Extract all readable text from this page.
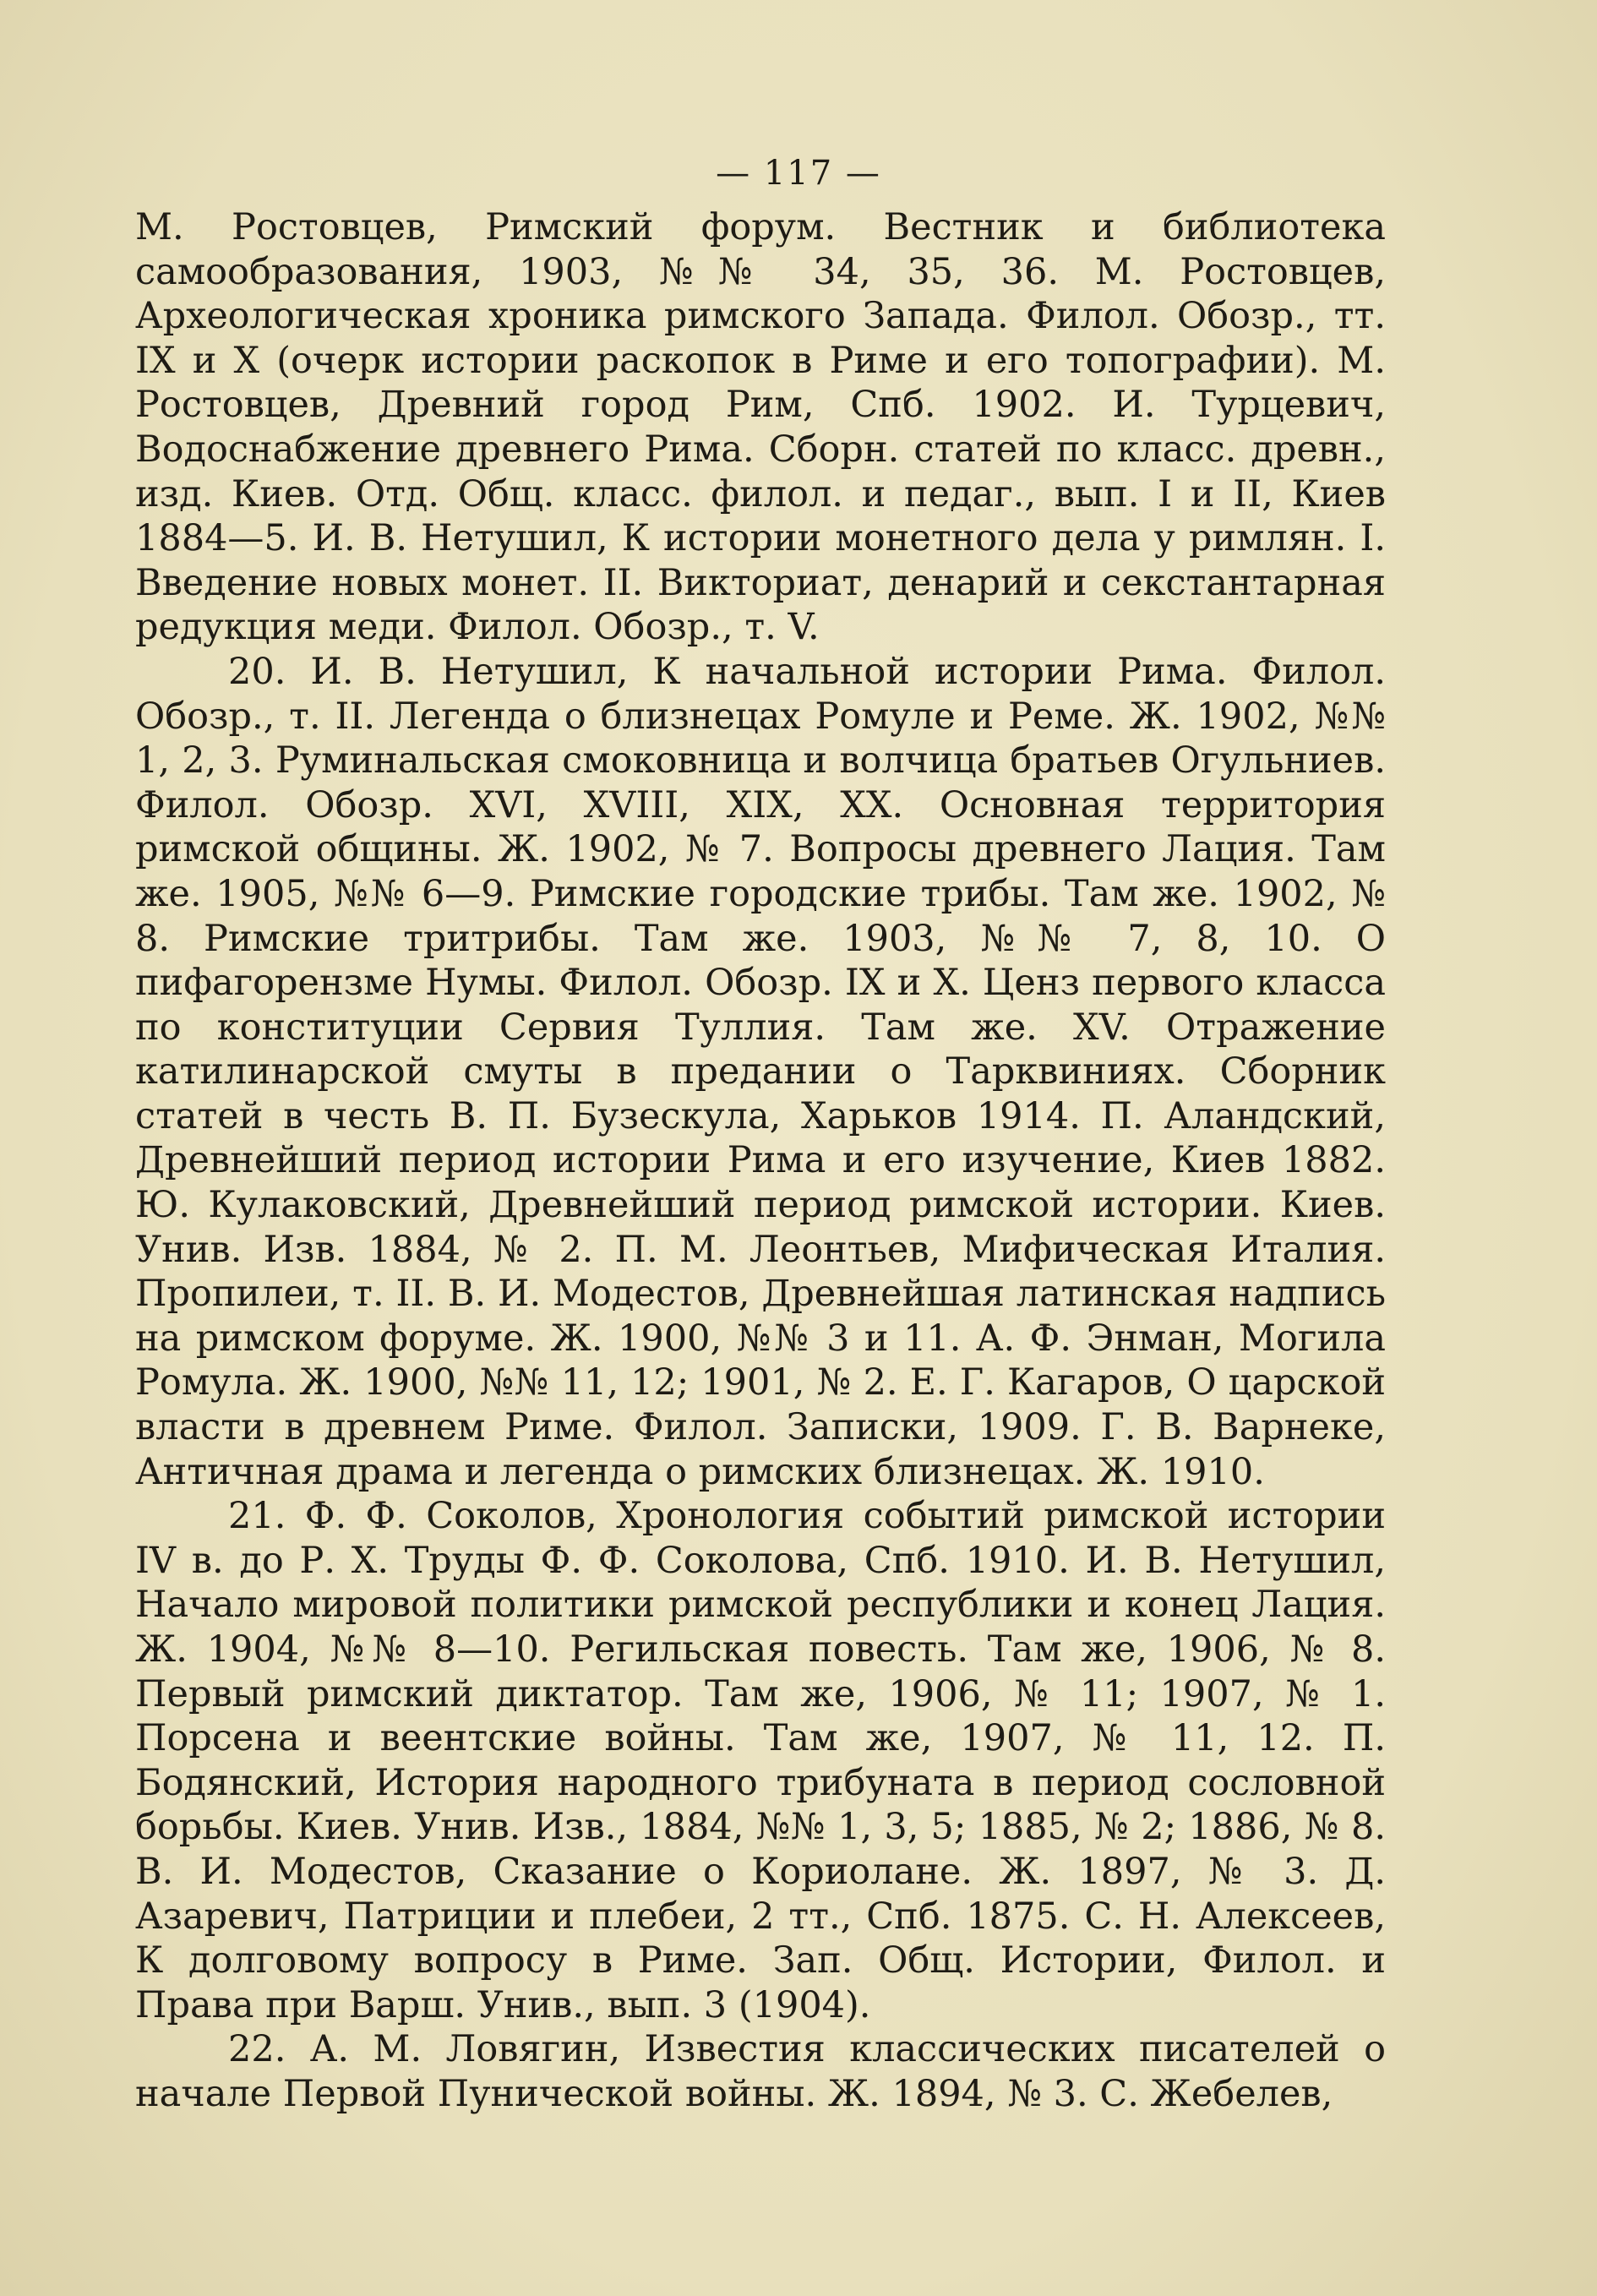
— 117 —

М. Ростовцев, Римский форум. Вестник и библиотека самообразования, 1903, №№ 34, 35, 36. М. Ростовцев, Археологическая хроника римского Запада. Филол. Обозр., тт. IX и X (очерк истории раскопок в Риме и его топографии). М. Ростовцев, Древний город Рим, Спб. 1902. И. Турцевич, Водоснабжение древнего Рима. Сборн. статей по класс. древн., изд. Киев. Отд. Общ. класс. филол. и педаг., вып. I и II, Киев 1884—5. И. В. Нетушил, К истории монетного дела у римлян. I. Введение новых монет. II. Викториат, денарий и секстантарная редукция меди. Филол. Обозр., т. V.

20. И. В. Нетушил, К начальной истории Рима. Филол. Обозр., т. II. Легенда о близнецах Ромуле и Реме. Ж. 1902, №№ 1, 2, 3. Руминальская смоковница и волчица братьев Огульниев. Филол. Обозр. XVI, XVIII, XIX, XX. Основная территория римской общины. Ж. 1902, № 7. Вопросы древнего Лация. Там же. 1905, №№ 6—9. Римские городские трибы. Там же. 1902, № 8. Римские тритрибы. Там же. 1903, №№ 7, 8, 10. О пифагорензме Нумы. Филол. Обозр. IX и X. Ценз первого класса по конституции Сервия Туллия. Там же. XV. Отражение катилинарской смуты в предании о Тарквиниях. Сборник статей в честь В. П. Бузескула, Харьков 1914. П. Аландский, Древнейший период истории Рима и его изучение, Киев 1882. Ю. Кулаковский, Древнейший период римской истории. Киев. Унив. Изв. 1884, № 2. П. М. Леонтьев, Мифическая Италия. Пропилеи, т. II. В. И. Модестов, Древнейшая латинская надпись на римском форуме. Ж. 1900, №№ 3 и 11. А. Ф. Энман, Могила Ромула. Ж. 1900, №№ 11, 12; 1901, № 2. Е. Г. Кагаров, О царской власти в древнем Риме. Филол. Записки, 1909. Г. В. Варнеке, Античная драма и легенда о римских близнецах. Ж. 1910.

21. Ф. Ф. Соколов, Хронология событий римской истории IV в. до Р. Х. Труды Ф. Ф. Соколова, Спб. 1910. И. В. Нетушил, Начало мировой политики римской республики и конец Лация. Ж. 1904, №№ 8—10. Регильская повесть. Там же, 1906, № 8. Первый римский диктатор. Там же, 1906, № 11; 1907, № 1. Порсена и веентские войны. Там же, 1907, № 11, 12. П. Бодянский, История народного трибуната в период сословной борьбы. Киев. Унив. Изв., 1884, №№ 1, 3, 5; 1885, № 2; 1886, № 8. В. И. Модестов, Сказание о Кориолане. Ж. 1897, № 3. Д. Азаревич, Патриции и плебеи, 2 тт., Спб. 1875. С. Н. Алексеев, К долговому вопросу в Риме. Зап. Общ. Истории, Филол. и Права при Варш. Унив., вып. 3 (1904).

22. А. М. Ловягин, Известия классических писателей о начале Первой Пунической войны. Ж. 1894, № 3. С. Жебелев,
